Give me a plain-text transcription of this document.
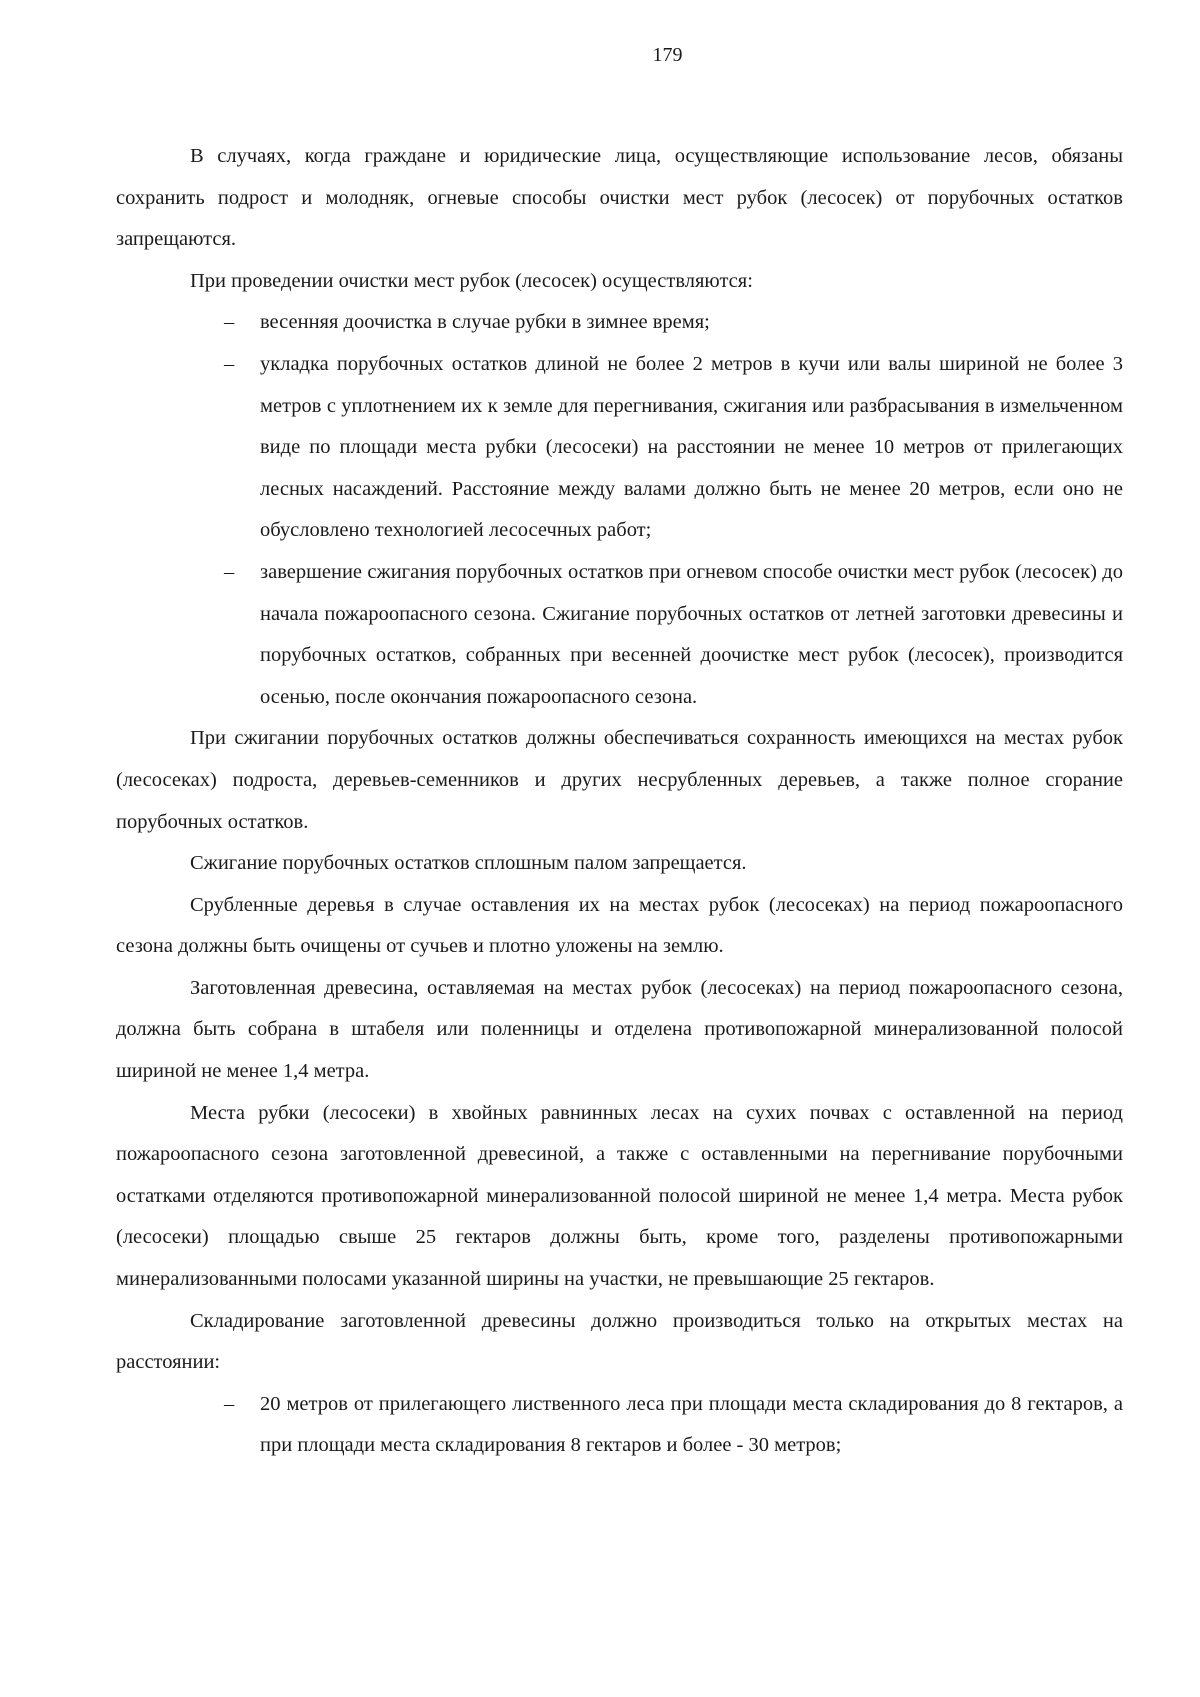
179

В случаях, когда граждане и юридические лица, осуществляющие использование лесов, обязаны сохранить подрост и молодняк, огневые способы очистки мест рубок (лесосек) от порубочных остатков запрещаются.

При проведении очистки мест рубок (лесосек) осуществляются:

– весенняя доочистка в случае рубки в зимнее время;
– укладка порубочных остатков длиной не более 2 метров в кучи или валы шириной не более 3 метров с уплотнением их к земле для перегнивания, сжигания или разбрасывания в измельченном виде по площади места рубки (лесосеки) на расстоянии не менее 10 метров от прилегающих лесных насаждений. Расстояние между валами должно быть не менее 20 метров, если оно не обусловлено технологией лесосечных работ;
– завершение сжигания порубочных остатков при огневом способе очистки мест рубок (лесосек) до начала пожароопасного сезона. Сжигание порубочных остатков от летней заготовки древесины и порубочных остатков, собранных при весенней доочистке мест рубок (лесосек), производится осенью, после окончания пожароопасного сезона.

При сжигании порубочных остатков должны обеспечиваться сохранность имеющихся на местах рубок (лесосеках) подроста, деревьев-семенников и других несрубленных деревьев, а также полное сгорание порубочных остатков.

Сжигание порубочных остатков сплошным палом запрещается.

Срубленные деревья в случае оставления их на местах рубок (лесосеках) на период пожароопасного сезона должны быть очищены от сучьев и плотно уложены на землю.

Заготовленная древесина, оставляемая на местах рубок (лесосеках) на период пожароопасного сезона, должна быть собрана в штабеля или поленницы и отделена противопожарной минерализованной полосой шириной не менее 1,4 метра.

Места рубки (лесосеки) в хвойных равнинных лесах на сухих почвах с оставленной на период пожароопасного сезона заготовленной древесиной, а также с оставленными на перегнивание порубочными остатками отделяются противопожарной минерализованной полосой шириной не менее 1,4 метра. Места рубок (лесосеки) площадью свыше 25 гектаров должны быть, кроме того, разделены противопожарными минерализованными полосами указанной ширины на участки, не превышающие 25 гектаров.

Складирование заготовленной древесины должно производиться только на открытых местах на расстоянии:

– 20 метров от прилегающего лиственного леса при площади места складирования до 8 гектаров, а при площади места складирования 8 гектаров и более - 30 метров;
